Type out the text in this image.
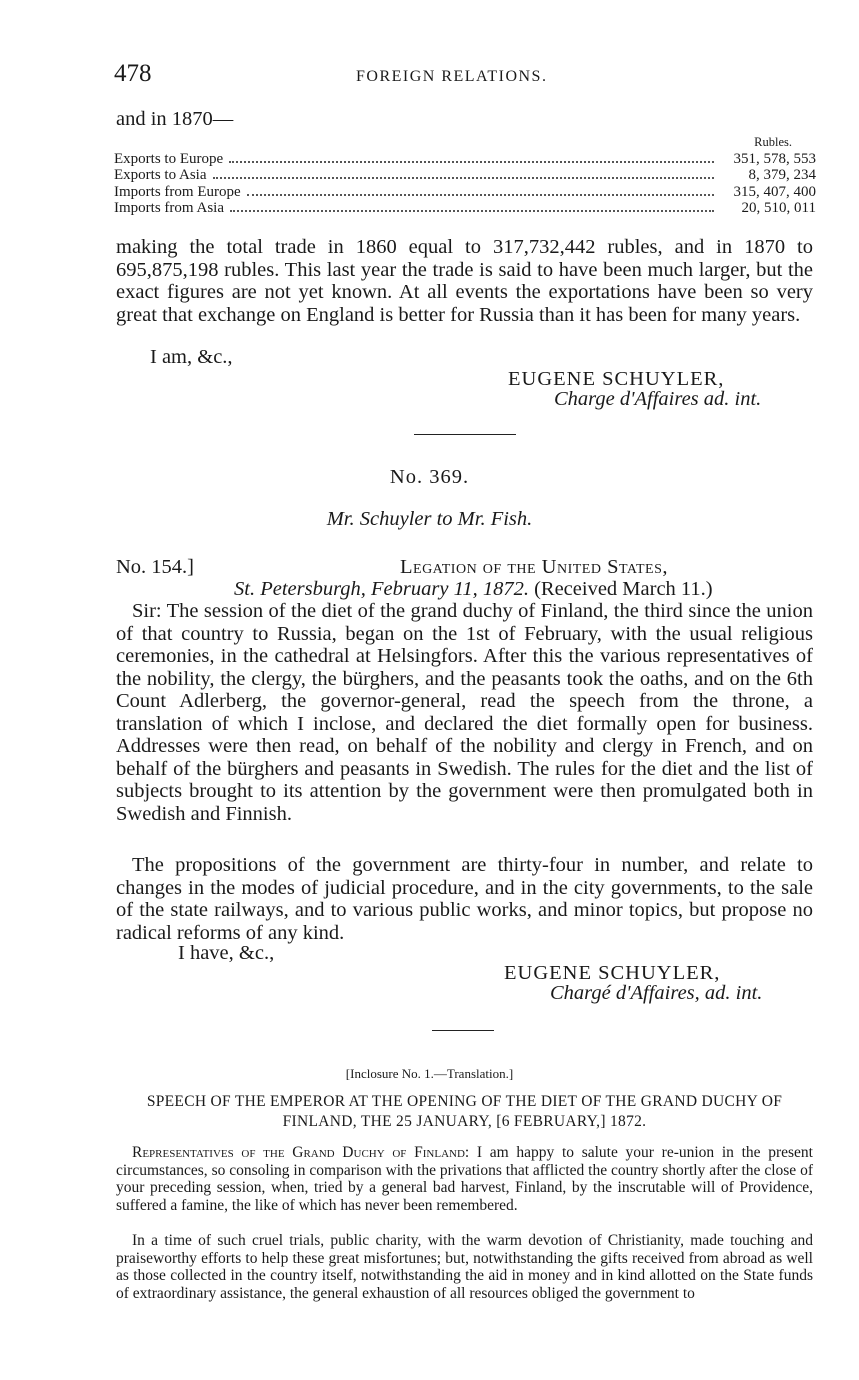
478	FOREIGN RELATIONS.
and in 1870—
Rubles.
Exports to Europe	351, 578, 553
Exports to Asia	8, 379, 234
Imports from Europe	315, 407, 400
Imports from Asia	20, 510, 011
making the total trade in 1860 equal to 317,732,442 rubles, and in 1870 to 695,875,198 rubles. This last year the trade is said to have been much larger, but the exact figures are not yet known. At all events the exportations have been so very great that exchange on England is better for Russia than it has been for many years.
I am, &c.,
EUGENE SCHUYLER,
Charge d'Affaires ad. int.
No. 369.
Mr. Schuyler to Mr. Fish.
No. 154.]	Legation of the United States,
St. Petersburgh, February 11, 1872. (Received March 11.)
Sir: The session of the diet of the grand duchy of Finland, the third since the union of that country to Russia, began on the 1st of February, with the usual religious ceremonies, in the cathedral at Helsingfors. After this the various representatives of the nobility, the clergy, the bürghers, and the peasants took the oaths, and on the 6th Count Adlerberg, the governor-general, read the speech from the throne, a translation of which I inclose, and declared the diet formally open for business. Addresses were then read, on behalf of the nobility and clergy in French, and on behalf of the bürghers and peasants in Swedish. The rules for the diet and the list of subjects brought to its attention by the government were then promulgated both in Swedish and Finnish.
The propositions of the government are thirty-four in number, and relate to changes in the modes of judicial procedure, and in the city governments, to the sale of the state railways, and to various public works, and minor topics, but propose no radical reforms of any kind.
I have, &c.,
EUGENE SCHUYLER,
Chargé d'Affaires, ad. int.
[Inclosure No. 1.—Translation.]
SPEECH OF THE EMPEROR AT THE OPENING OF THE DIET OF THE GRAND DUCHY OF FINLAND, THE 25 JANUARY, [6 FEBRUARY,] 1872.
Representatives of the Grand Duchy of Finland: I am happy to salute your re-union in the present circumstances, so consoling in comparison with the privations that afflicted the country shortly after the close of your preceding session, when, tried by a general bad harvest, Finland, by the inscrutable will of Providence, suffered a famine, the like of which has never been remembered.
In a time of such cruel trials, public charity, with the warm devotion of Christianity, made touching and praiseworthy efforts to help these great misfortunes; but, notwithstanding the gifts received from abroad as well as those collected in the country itself, notwithstanding the aid in money and in kind allotted on the State funds of extraordinary assistance, the general exhaustion of all resources obliged the government to
